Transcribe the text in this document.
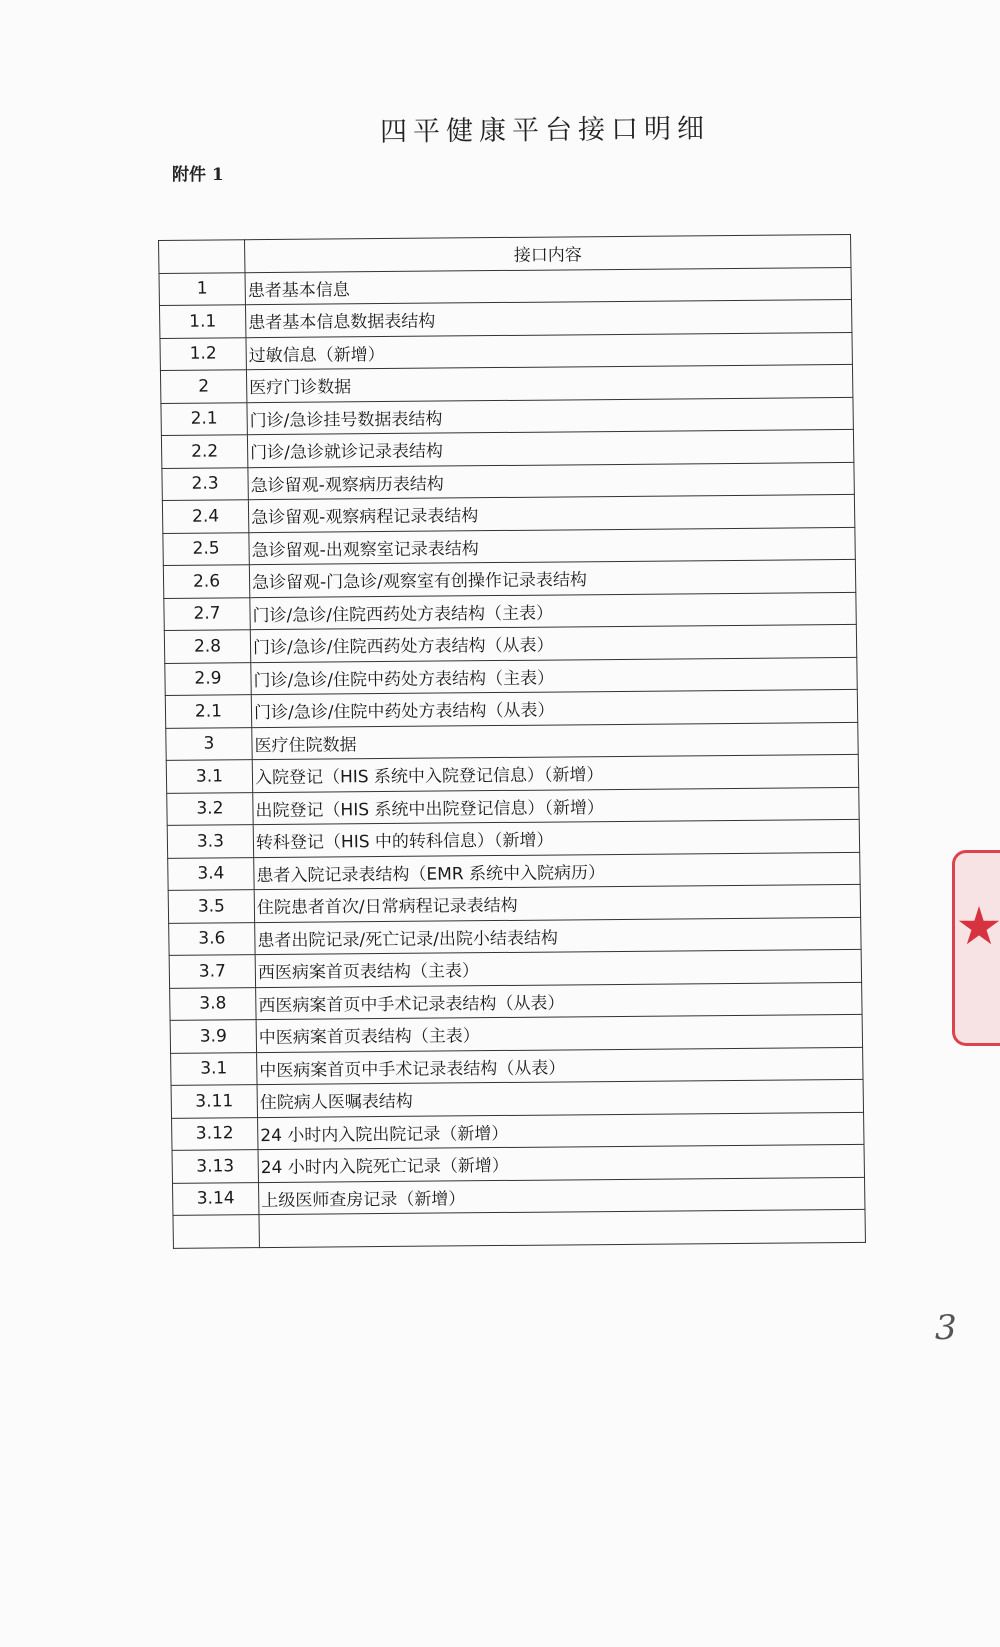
四平健康平台接口明细
附件 1
	接口内容
1	患者基本信息
1.1	患者基本信息数据表结构
1.2	过敏信息（新增）
2	医疗门诊数据
2.1	门诊/急诊挂号数据表结构
2.2	门诊/急诊就诊记录表结构
2.3	急诊留观-观察病历表结构
2.4	急诊留观-观察病程记录表结构
2.5	急诊留观-出观察室记录表结构
2.6	急诊留观-门急诊/观察室有创操作记录表结构
2.7	门诊/急诊/住院西药处方表结构（主表）
2.8	门诊/急诊/住院西药处方表结构（从表）
2.9	门诊/急诊/住院中药处方表结构（主表）
2.1	门诊/急诊/住院中药处方表结构（从表）
3	医疗住院数据
3.1	入院登记（HIS 系统中入院登记信息）（新增）
3.2	出院登记（HIS 系统中出院登记信息）（新增）
3.3	转科登记（HIS 中的转科信息）（新增）
3.4	患者入院记录表结构（EMR 系统中入院病历）
3.5	住院患者首次/日常病程记录表结构
3.6	患者出院记录/死亡记录/出院小结表结构
3.7	西医病案首页表结构（主表）
3.8	西医病案首页中手术记录表结构（从表）
3.9	中医病案首页表结构（主表）
3.1	中医病案首页中手术记录表结构（从表）
3.11	住院病人医嘱表结构
3.12	24 小时内入院出院记录（新增）
3.13	24 小时内入院死亡记录（新增）
3.14	上级医师查房记录（新增）

3
